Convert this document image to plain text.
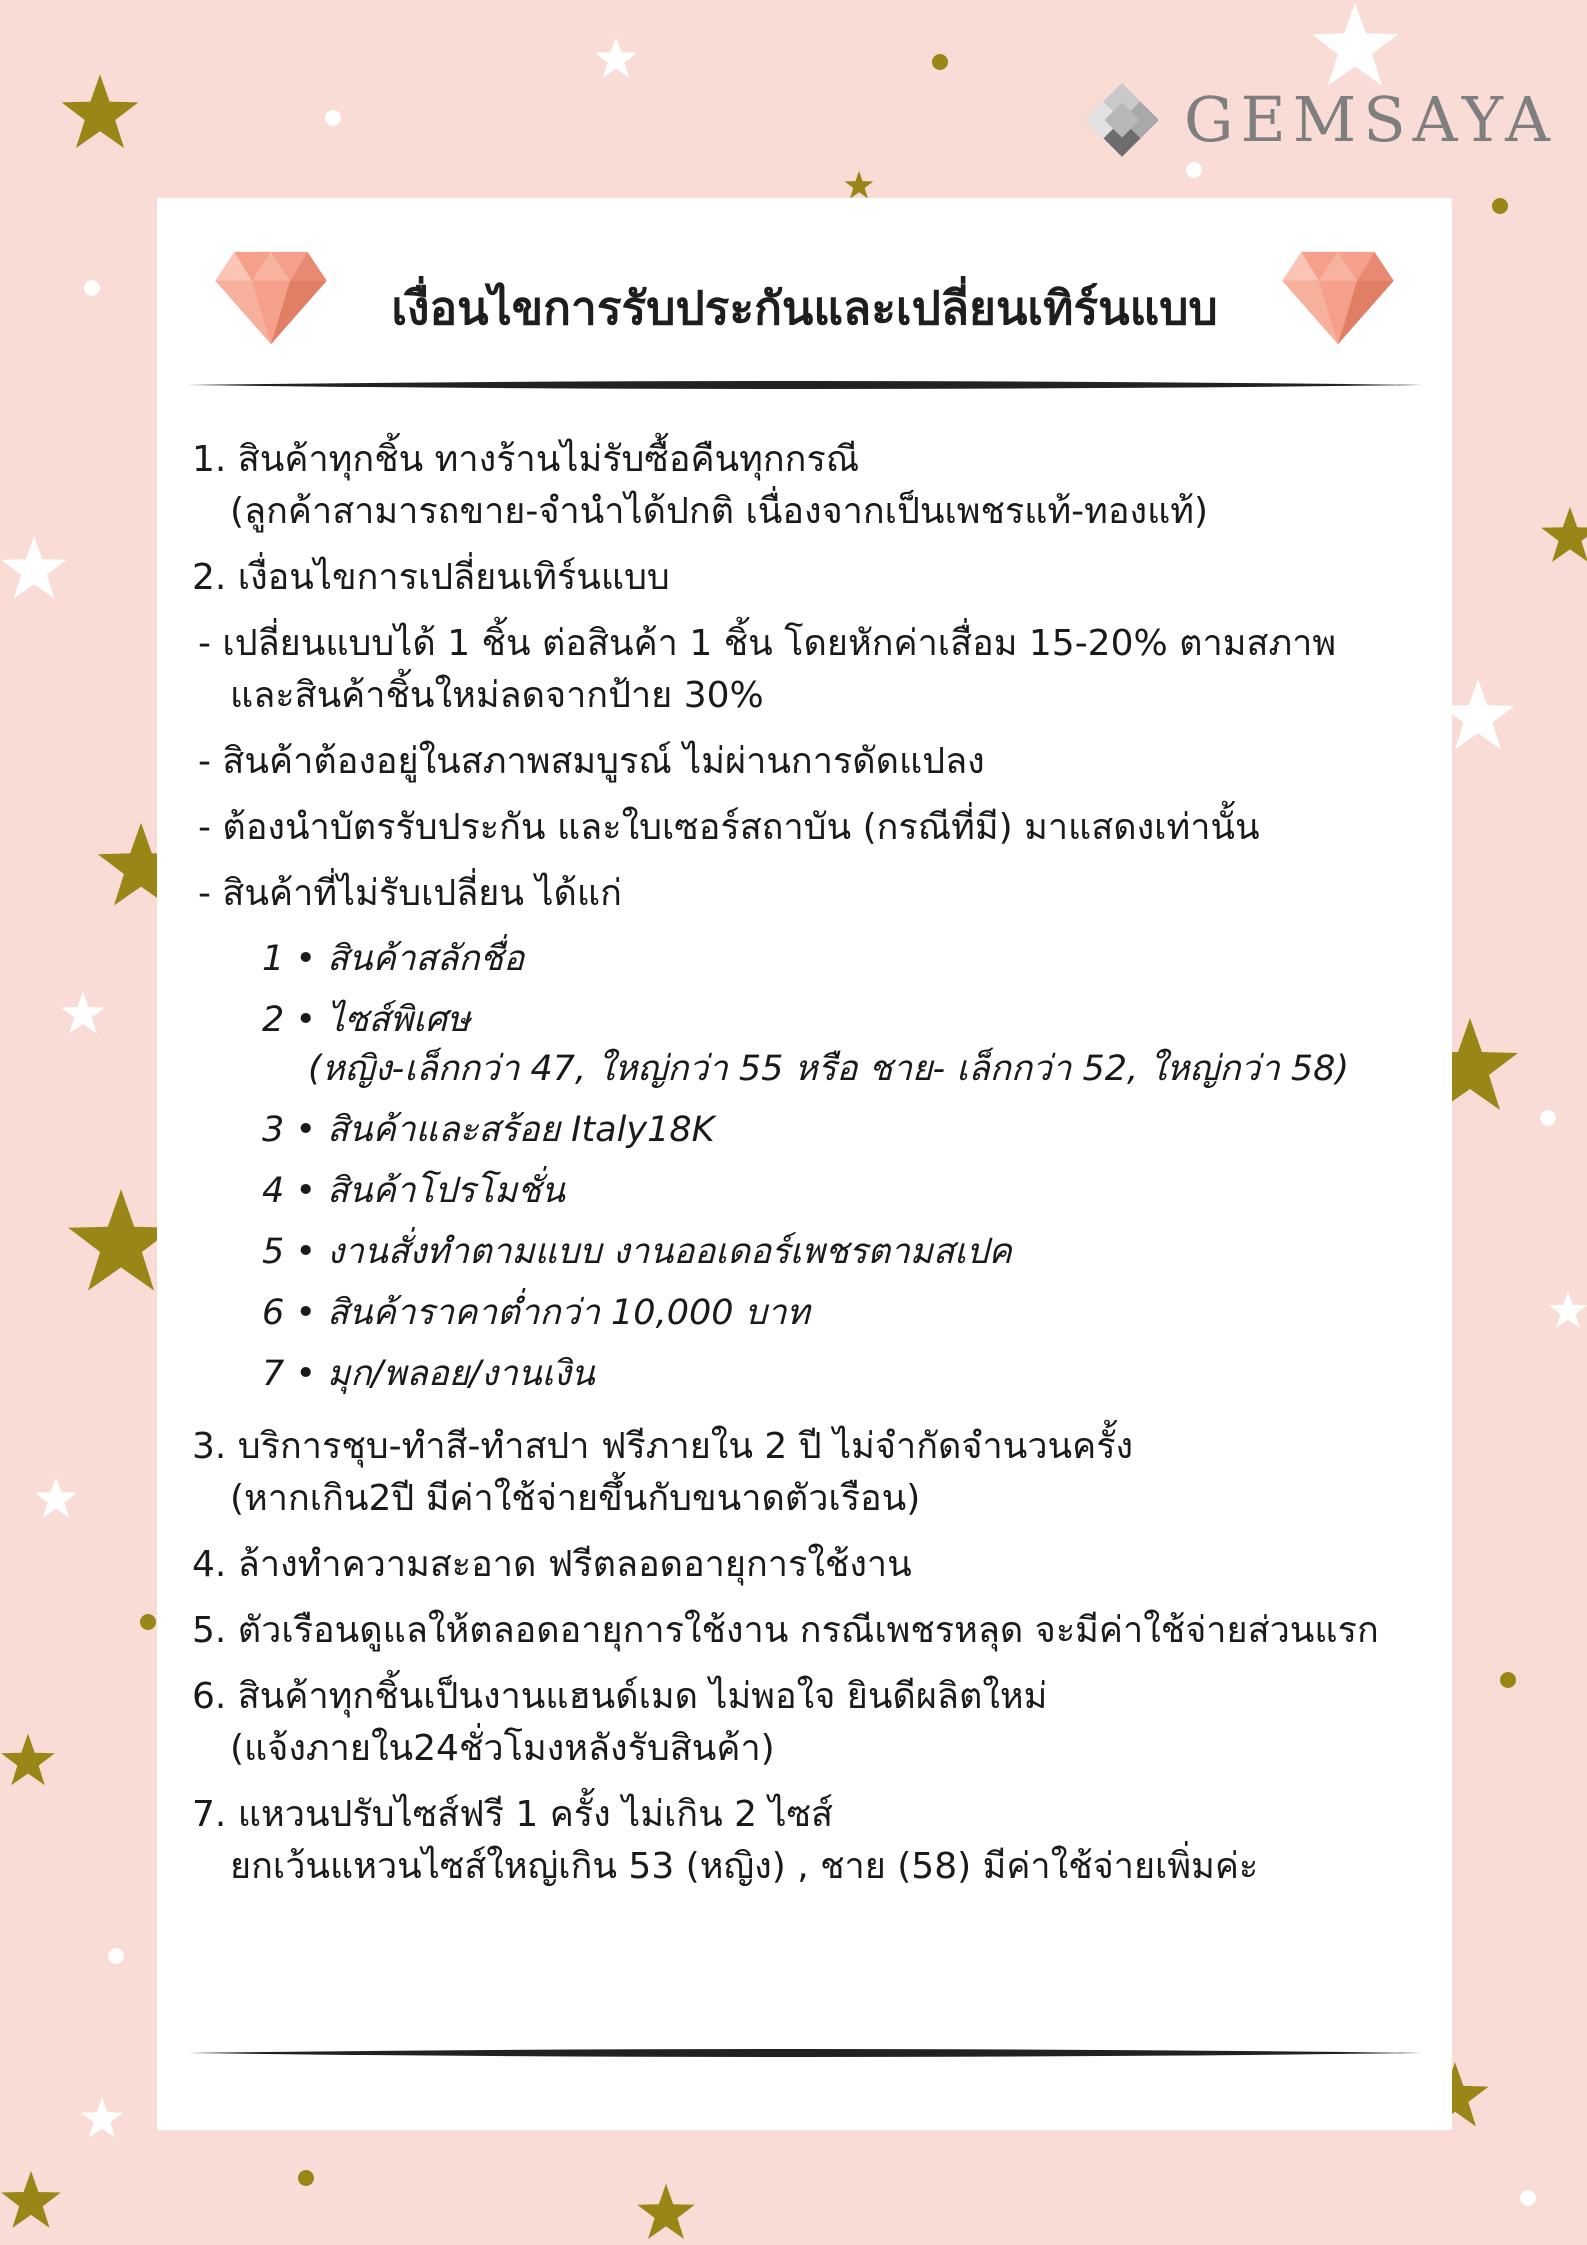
GEMSAYA
เงื่อนไขการรับประกันและเปลี่ยนเทิร์นแบบ
1. สินค้าทุกชิ้น ทางร้านไม่รับซื้อคืนทุกกรณี
(ลูกค้าสามารถขาย-จำนำได้ปกติ เนื่องจากเป็นเพชรแท้-ทองแท้)
2. เงื่อนไขการเปลี่ยนเทิร์นแบบ
- เปลี่ยนแบบได้ 1 ชิ้น ต่อสินค้า 1 ชิ้น โดยหักค่าเสื่อม 15-20% ตามสภาพ
และสินค้าชิ้นใหม่ลดจากป้าย 30%
- สินค้าต้องอยู่ในสภาพสมบูรณ์ ไม่ผ่านการดัดแปลง
- ต้องนำบัตรรับประกัน และใบเซอร์สถาบัน (กรณีที่มี) มาแสดงเท่านั้น
- สินค้าที่ไม่รับเปลี่ยน ได้แก่
1 • สินค้าสลักชื่อ
2 • ไซส์พิเศษ
(หญิง-เล็กกว่า 47, ใหญ่กว่า 55 หรือ ชาย- เล็กกว่า 52, ใหญ่กว่า 58)
3 • สินค้าและสร้อย Italy18K
4 • สินค้าโปรโมชั่น
5 • งานสั่งทำตามแบบ งานออเดอร์เพชรตามสเปค
6 • สินค้าราคาต่ำกว่า 10,000 บาท
7 • มุก/พลอย/งานเงิน
3. บริการชุบ-ทำสี-ทำสปา ฟรีภายใน 2 ปี ไม่จำกัดจำนวนครั้ง
(หากเกิน2ปี มีค่าใช้จ่ายขึ้นกับขนาดตัวเรือน)
4. ล้างทำความสะอาด ฟรีตลอดอายุการใช้งาน
5. ตัวเรือนดูแลให้ตลอดอายุการใช้งาน กรณีเพชรหลุด จะมีค่าใช้จ่ายส่วนแรก
6. สินค้าทุกชิ้นเป็นงานแฮนด์เมด ไม่พอใจ ยินดีผลิตใหม่
(แจ้งภายใน24ชั่วโมงหลังรับสินค้า)
7. แหวนปรับไซส์ฟรี 1 ครั้ง ไม่เกิน 2 ไซส์
ยกเว้นแหวนไซส์ใหญ่เกิน 53 (หญิง) , ชาย (58) มีค่าใช้จ่ายเพิ่มค่ะ
